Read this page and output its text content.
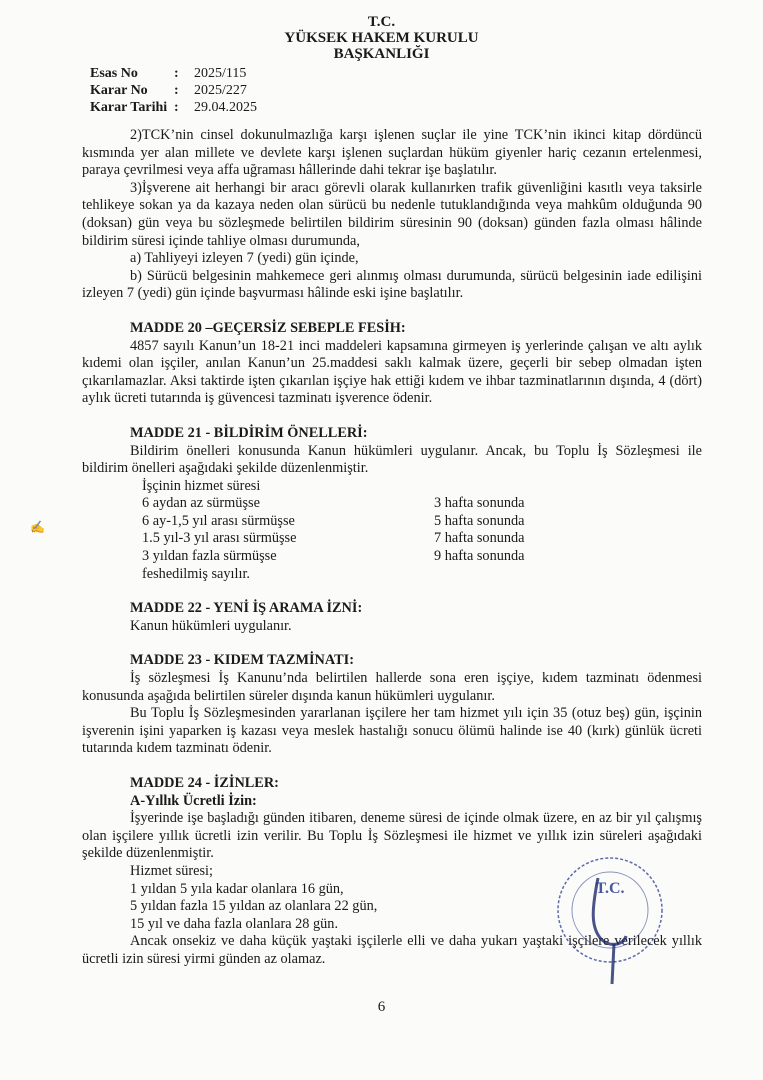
T.C.
YÜKSEK HAKEM KURULU
BAŞKANLIĞI
Esas No	:	2025/115
Karar No	:	2025/227
Karar Tarihi :	29.04.2025

2)TCK’nin cinsel dokunulmazlığa karşı işlenen suçlar ile yine TCK’nin ikinci kitap dördüncü kısmında yer alan millete ve devlete karşı işlenen suçlardan hüküm giyenler hariç cezanın ertelenmesi, paraya çevrilmesi veya affa uğraması hâllerinde dahi tekrar işe başlatılır.

3)İşverene ait herhangi bir aracı görevli olarak kullanırken trafik güvenliğini kasıtlı veya taksirle tehlikeye sokan ya da kazaya neden olan sürücü bu nedenle tutuklandığında veya mahkûm olduğunda 90 (doksan) gün veya bu sözleşmede belirtilen bildirim süresinin 90 (doksan) günden fazla olması hâlinde bildirim süresi içinde tahliye olması durumunda,

a) Tahliyeyi izleyen 7 (yedi) gün içinde,

b) Sürücü belgesinin mahkemece geri alınmış olması durumunda, sürücü belgesinin iade edilişini izleyen 7 (yedi) gün içinde başvurması hâlinde eski işine başlatılır.

MADDE 20 –GEÇERSİZ SEBEPLE FESİH:

4857 sayılı Kanun’un 18-21 inci maddeleri kapsamına girmeyen iş yerlerinde çalışan ve altı aylık kıdemi olan işçiler, anılan Kanun’un 25.maddesi saklı kalmak üzere, geçerli bir sebep olmadan işten çıkarılamazlar. Aksi taktirde işten çıkarılan işçiye hak ettiği kıdem ve ihbar tazminatlarının dışında, 4 (dört) aylık ücreti tutarında iş güvencesi tazminatı işverence ödenir.

MADDE 21 - BİLDİRİM ÖNELLERİ:

Bildirim önelleri konusunda Kanun hükümleri uygulanır. Ancak, bu Toplu İş Sözleşmesi ile bildirim önelleri aşağıdaki şekilde düzenlenmiştir.

İşçinin hizmet süresi

6 aydan az sürmüşse	3 hafta sonunda
6 ay-1,5 yıl arası sürmüşse	5 hafta sonunda
1.5 yıl-3 yıl arası sürmüşse	7 hafta sonunda
3 yıldan fazla sürmüşse	9 hafta sonunda

feshedilmiş sayılır.

MADDE 22 - YENİ İŞ ARAMA İZNİ:

Kanun hükümleri uygulanır.

MADDE 23 - KIDEM TAZMİNATI:

İş sözleşmesi İş Kanunu’nda belirtilen hallerde sona eren işçiye, kıdem tazminatı ödenmesi konusunda aşağıda belirtilen süreler dışında kanun hükümleri uygulanır.

Bu Toplu İş Sözleşmesinden yararlanan işçilere her tam hizmet yılı için 35 (otuz beş) gün, işçinin işverenin işini yaparken iş kazası veya meslek hastalığı sonucu ölümü halinde ise 40 (kırk) günlük ücreti tutarında kıdem tazminatı ödenir.

MADDE 24 - İZİNLER:

A-Yıllık Ücretli İzin:

İşyerinde işe başladığı günden itibaren, deneme süresi de içinde olmak üzere, en az bir yıl çalışmış olan işçilere yıllık ücretli izin verilir. Bu Toplu İş Sözleşmesi ile hizmet ve yıllık izin süreleri aşağıdaki şekilde düzenlenmiştir.

Hizmet süresi;

1 yıldan 5 yıla kadar olanlara 16 gün,

5 yıldan fazla 15 yıldan az olanlara 22 gün,

15 yıl ve daha fazla olanlara 28 gün.

Ancak onsekiz ve daha küçük yaştaki işçilerle elli ve daha yukarı yaştaki işçilere verilecek yıllık ücretli izin süresi yirmi günden az olamaz.

6
T.C.
✍
